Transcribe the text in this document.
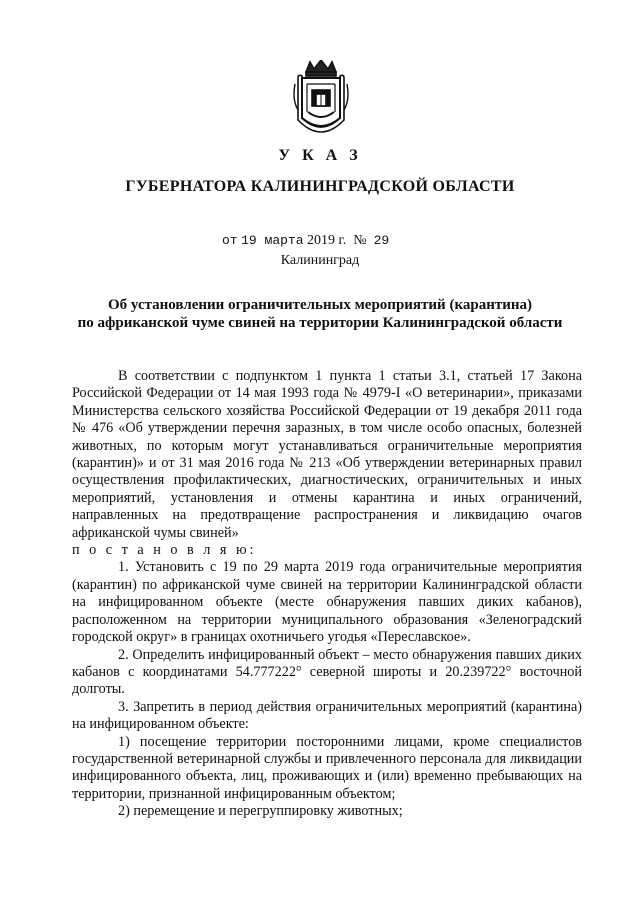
У К А З
ГУБЕРНАТОРА КАЛИНИНГРАДСКОЙ ОБЛАСТИ
от 19 марта 2019 г. № 29
Калининград
Об установлении ограничительных мероприятий (карантина)
по африканской чуме свиней на территории Калининградской области

В соответствии с подпунктом 1 пункта 1 статьи 3.1, статьей 17 Закона Российской Федерации от 14 мая 1993 года № 4979-I «О ветеринарии», приказами Министерства сельского хозяйства Российской Федерации от 19 декабря 2011 года № 476 «Об утверждении перечня заразных, в том числе особо опасных, болезней животных, по которым могут устанавливаться ограничительные мероприятия (карантин)» и от 31 мая 2016 года № 213 «Об утверждении ветеринарных правил осуществления профилактических, диагностических, ограничительных и иных мероприятий, установления и отмены карантина и иных ограничений, направленных на предотвращение распространения и ликвидацию очагов африканской чумы свиней»

п о с т а н о в л я ю:

1. Установить с 19 по 29 марта 2019 года ограничительные мероприятия (карантин) по африканской чуме свиней на территории Калининградской области на инфицированном объекте (месте обнаружения павших диких кабанов), расположенном на территории муниципального образования «Зеленоградский городской округ» в границах охотничьего угодья «Переславское».

2. Определить инфицированный объект – место обнаружения павших диких кабанов с координатами 54.777222° северной широты и 20.239722° восточной долготы.

3. Запретить в период действия ограничительных мероприятий (карантина) на инфицированном объекте:

1) посещение территории посторонними лицами, кроме специалистов государственной ветеринарной службы и привлеченного персонала для ликвидации инфицированного объекта, лиц, проживающих и (или) временно пребывающих на территории, признанной инфицированным объектом;

2) перемещение и перегруппировку животных;
